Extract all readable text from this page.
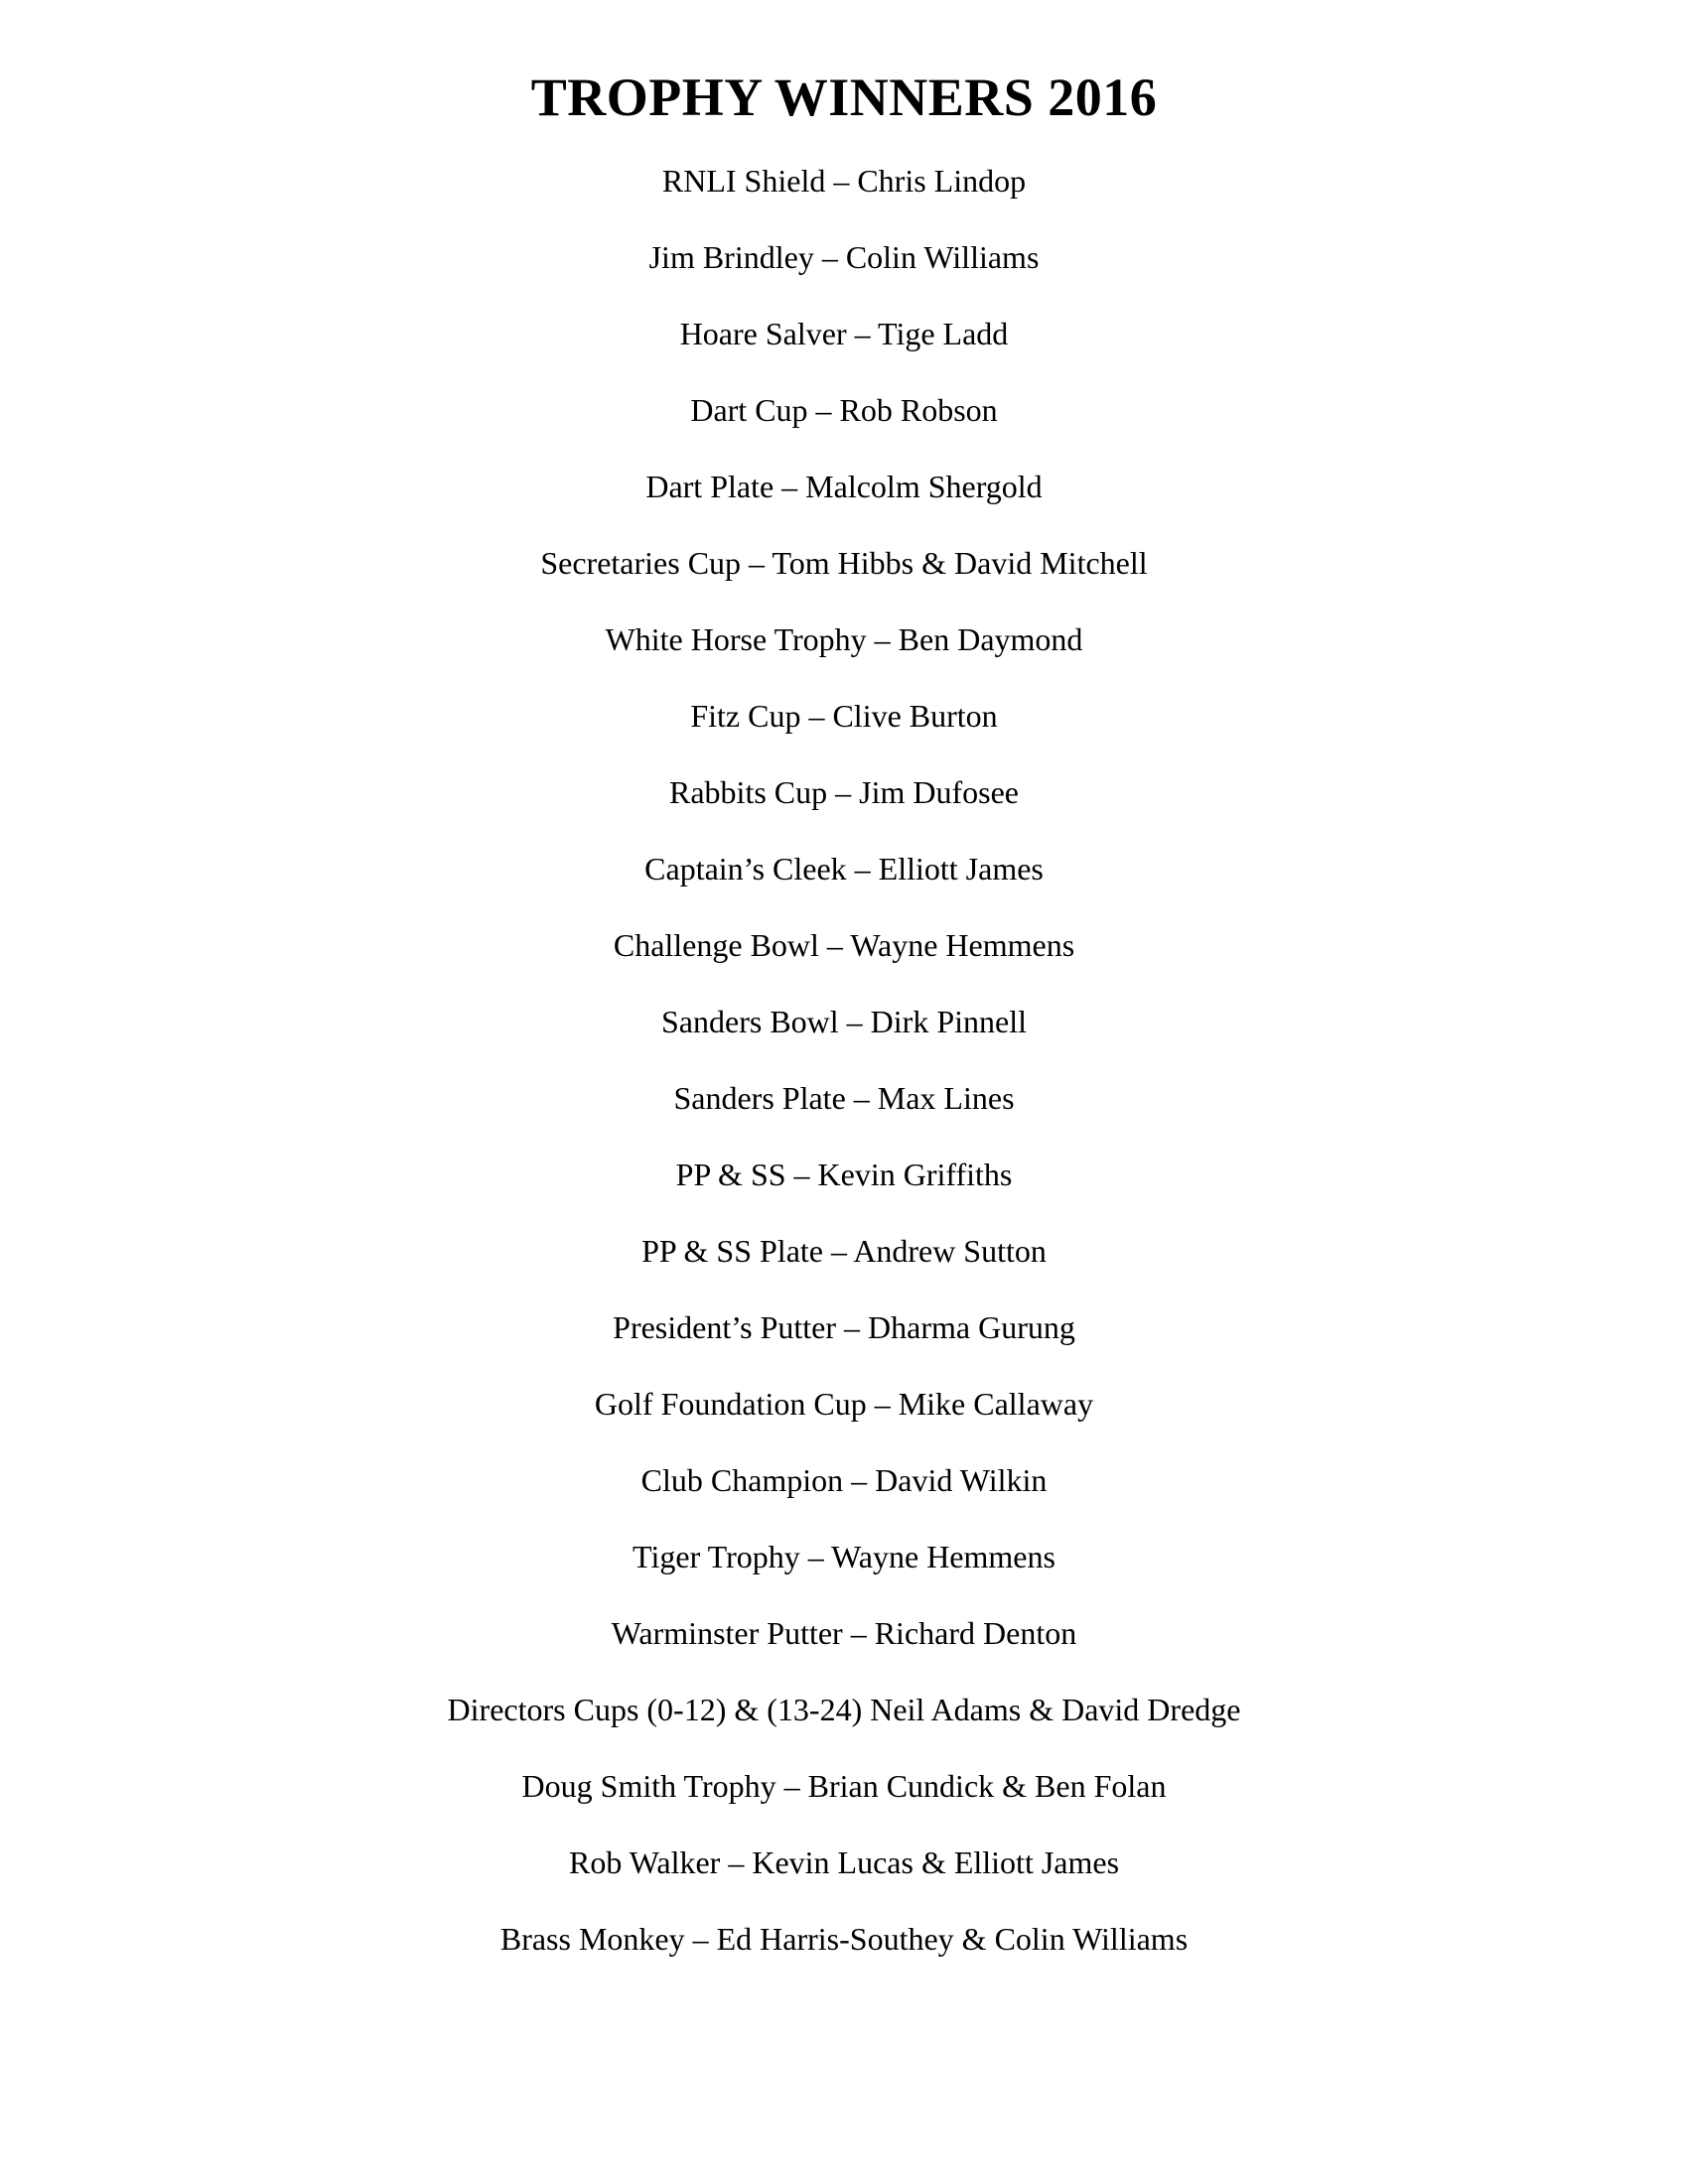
TROPHY WINNERS 2016
RNLI Shield – Chris Lindop
Jim Brindley – Colin Williams
Hoare Salver – Tige Ladd
Dart Cup – Rob Robson
Dart Plate – Malcolm Shergold
Secretaries Cup – Tom Hibbs & David Mitchell
White Horse Trophy – Ben Daymond
Fitz Cup – Clive Burton
Rabbits Cup – Jim Dufosee
Captain’s Cleek – Elliott James
Challenge Bowl – Wayne Hemmens
Sanders Bowl – Dirk Pinnell
Sanders Plate – Max Lines
PP & SS – Kevin Griffiths
PP & SS Plate – Andrew Sutton
President’s Putter – Dharma Gurung
Golf Foundation Cup – Mike Callaway
Club Champion – David Wilkin
Tiger Trophy – Wayne Hemmens
Warminster Putter – Richard Denton
Directors Cups (0-12) & (13-24) Neil Adams & David Dredge
Doug Smith Trophy – Brian Cundick & Ben Folan
Rob Walker – Kevin Lucas & Elliott James
Brass Monkey – Ed Harris-Southey & Colin Williams
